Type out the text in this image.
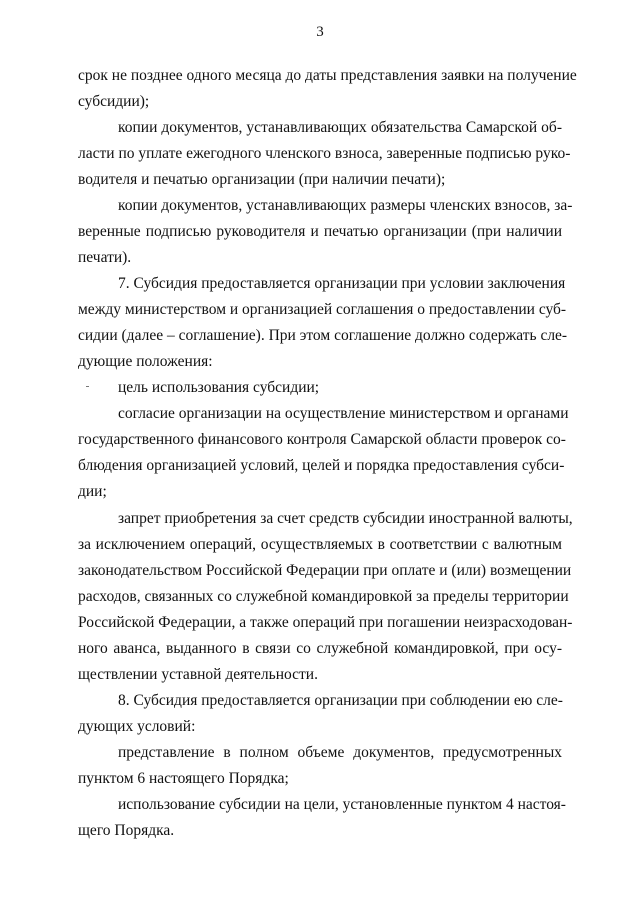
3
срок не позднее одного месяца до даты представления заявки на получение
субсидии);
копии документов, устанавливающих обязательства Самарской об-
ласти по уплате ежегодного членского взноса, заверенные подписью руко-
водителя и печатью организации (при наличии печати);
копии документов, устанавливающих размеры членских взносов, за-
веренные подписью руководителя и печатью организации (при наличии
печати).
7. Субсидия предоставляется организации при условии заключения
между министерством и организацией соглашения о предоставлении суб-
сидии (далее – соглашение). При этом соглашение должно содержать сле-
дующие положения:
цель использования субсидии;
согласие организации на осуществление министерством и органами
государственного финансового контроля Самарской области проверок со-
блюдения организацией условий, целей и порядка предоставления субси-
дии;
запрет приобретения за счет средств субсидии иностранной валюты,
за исключением операций, осуществляемых в соответствии с валютным
законодательством Российской Федерации при оплате и (или) возмещении
расходов, связанных со служебной командировкой за пределы территории
Российской Федерации, а также операций при погашении неизрасходован-
ного аванса, выданного в связи со служебной командировкой, при осу-
ществлении уставной деятельности.
8. Субсидия предоставляется организации при соблюдении ею сле-
дующих условий:
представление в полном объеме документов, предусмотренных
пунктом 6 настоящего Порядка;
использование субсидии на цели, установленные пунктом 4 настоя-
щего Порядка.
